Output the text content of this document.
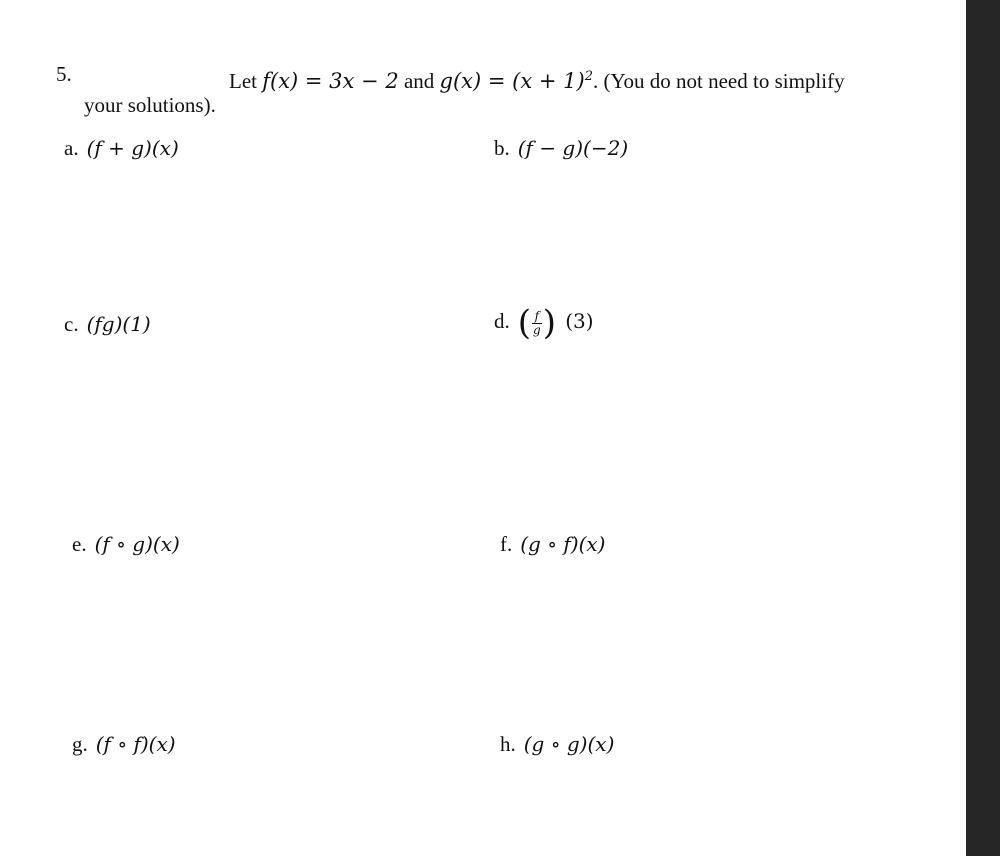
5.	Let f(x) = 3x − 2 and $g(x) = (x + 1)^2$. (You do not need to simplify
your solutions).
a. (f + g)(x)	b. (f − g)(−2)
c. (fg)(1)	d. ( $\frac{f}{g}$ ) (3)
e. (f ∘ g)(x)	f. (g ∘ f)(x)
g. (f ∘ f)(x)	h. (g ∘ g)(x)
